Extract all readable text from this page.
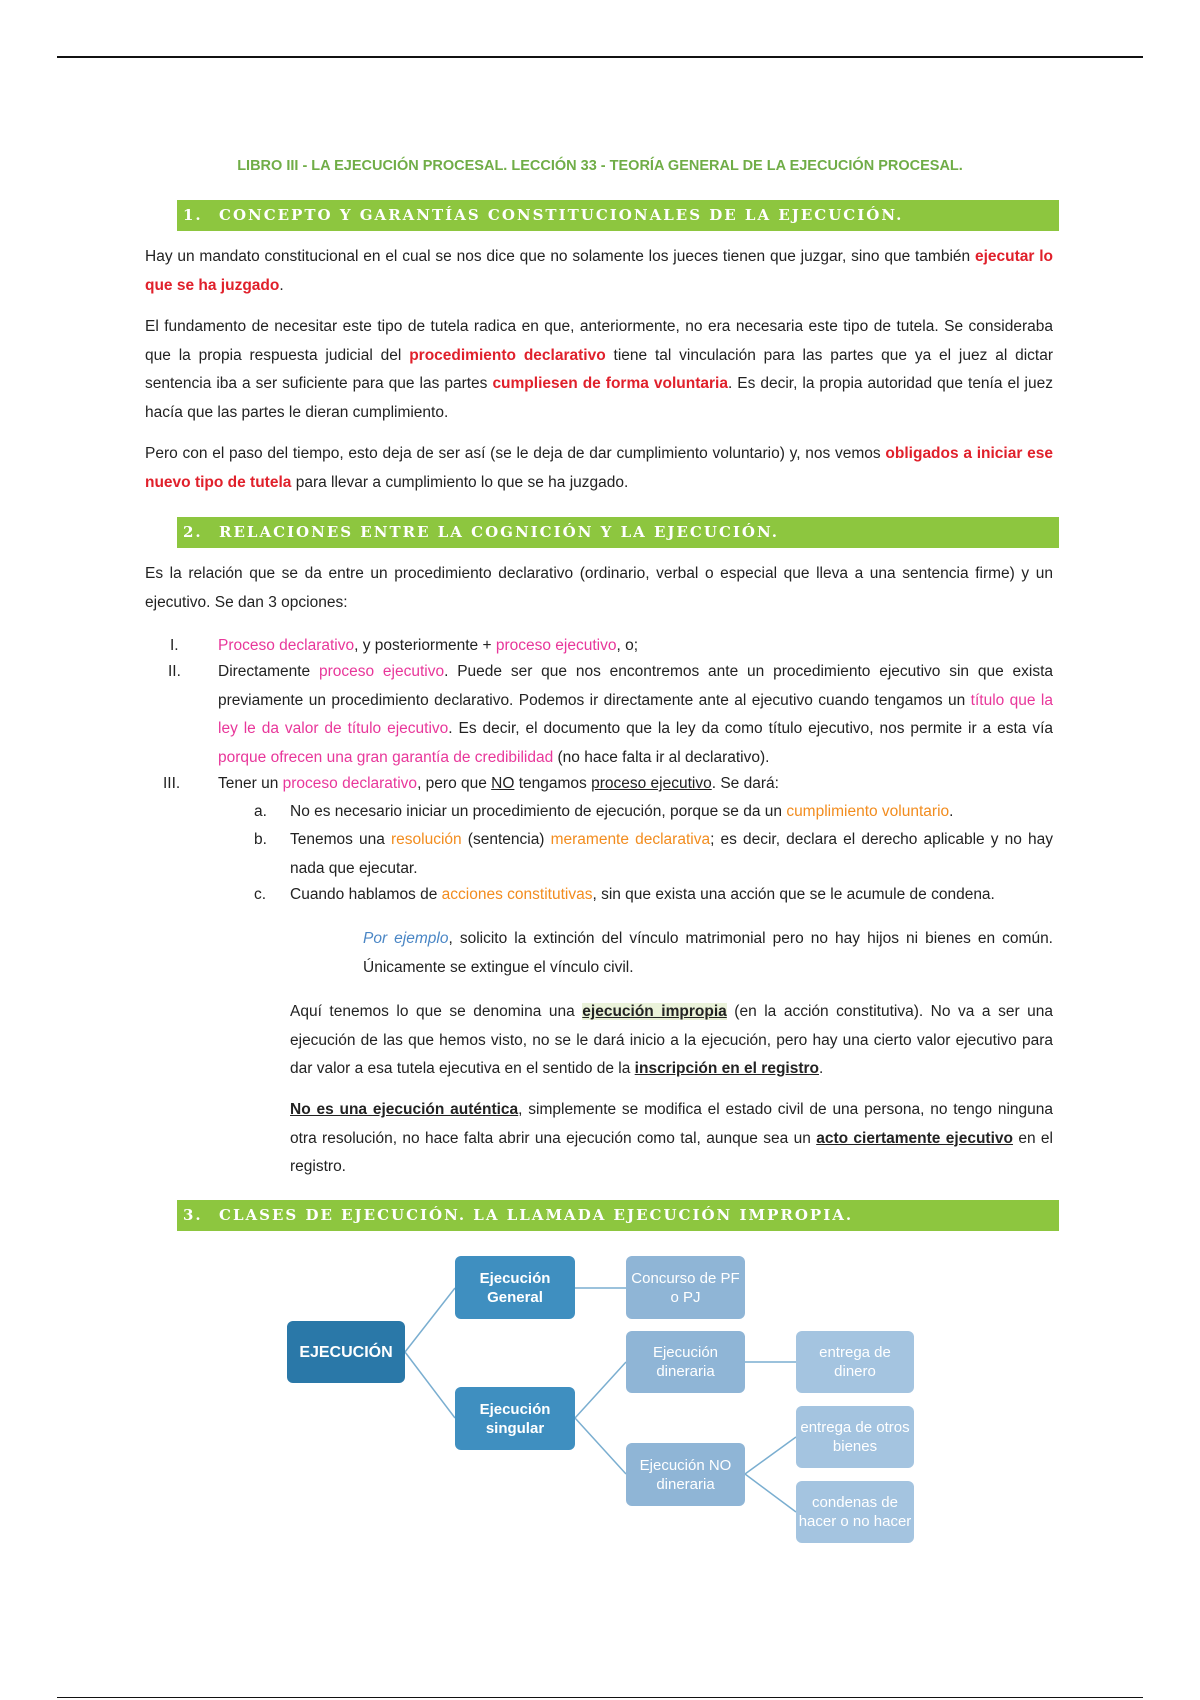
LIBRO III - LA EJECUCIÓN PROCESAL. LECCIÓN 33 - TEORÍA GENERAL DE LA EJECUCIÓN PROCESAL.
1. CONCEPTO Y GARANTÍAS CONSTITUCIONALES DE LA EJECUCIÓN.
Hay un mandato constitucional en el cual se nos dice que no solamente los jueces tienen que juzgar, sino que también ejecutar lo que se ha juzgado.
El fundamento de necesitar este tipo de tutela radica en que, anteriormente, no era necesaria este tipo de tutela. Se consideraba que la propia respuesta judicial del procedimiento declarativo tiene tal vinculación para las partes que ya el juez al dictar sentencia iba a ser suficiente para que las partes cumpliesen de forma voluntaria. Es decir, la propia autoridad que tenía el juez hacía que las partes le dieran cumplimiento.
Pero con el paso del tiempo, esto deja de ser así (se le deja de dar cumplimiento voluntario) y, nos vemos obligados a iniciar ese nuevo tipo de tutela para llevar a cumplimiento lo que se ha juzgado.
2. RELACIONES ENTRE LA COGNICIÓN Y LA EJECUCIÓN.
Es la relación que se da entre un procedimiento declarativo (ordinario, verbal o especial que lleva a una sentencia firme) y un ejecutivo. Se dan 3 opciones:
I.	Proceso declarativo, y posteriormente + proceso ejecutivo, o;
II. Directamente proceso ejecutivo. Puede ser que nos encontremos ante un procedimiento ejecutivo sin que exista previamente un procedimiento declarativo. Podemos ir directamente ante al ejecutivo cuando tengamos un título que la ley le da valor de título ejecutivo. Es decir, el documento que la ley da como título ejecutivo, nos permite ir a esta vía porque ofrecen una gran garantía de credibilidad (no hace falta ir al declarativo).
III. Tener un proceso declarativo, pero que NO tengamos proceso ejecutivo. Se dará:
a. No es necesario iniciar un procedimiento de ejecución, porque se da un cumplimiento voluntario.
b. Tenemos una resolución (sentencia) meramente declarativa; es decir, declara el derecho aplicable y no hay nada que ejecutar.
c. Cuando hablamos de acciones constitutivas, sin que exista una acción que se le acumule de condena.
Por ejemplo, solicito la extinción del vínculo matrimonial pero no hay hijos ni bienes en común. Únicamente se extingue el vínculo civil.
Aquí tenemos lo que se denomina una ejecución impropia (en la acción constitutiva). No va a ser una ejecución de las que hemos visto, no se le dará inicio a la ejecución, pero hay una cierto valor ejecutivo para dar valor a esa tutela ejecutiva en el sentido de la inscripción en el registro.
No es una ejecución auténtica, simplemente se modifica el estado civil de una persona, no tengo ninguna otra resolución, no hace falta abrir una ejecución como tal, aunque sea un acto ciertamente ejecutivo en el registro.
3. CLASES DE EJECUCIÓN. LA LLAMADA EJECUCIÓN IMPROPIA.
EJECUCIÓN
Ejecución General
Concurso de PF o PJ
Ejecución singular
Ejecución dineraria
entrega de dinero
Ejecución NO dineraria
entrega de otros bienes
condenas de hacer o no hacer
